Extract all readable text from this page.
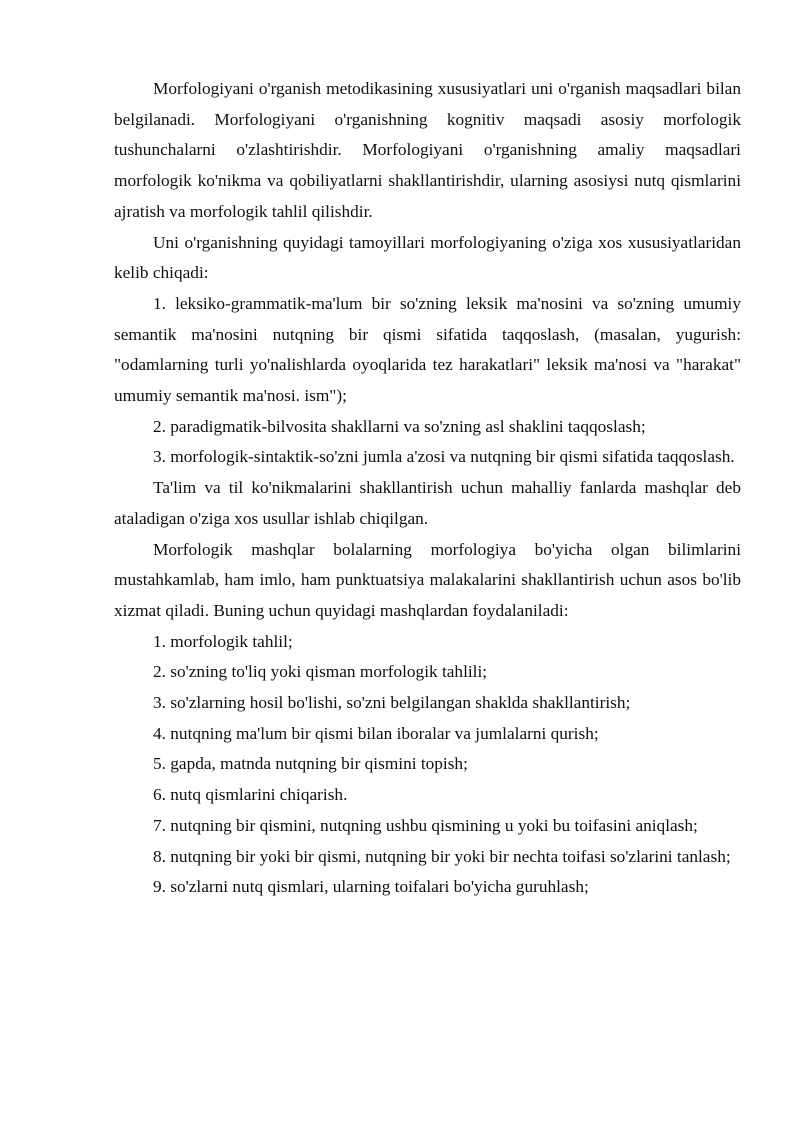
Morfologiyani o'rganish metodikasining xususiyatlari uni o'rganish maqsadlari bilan belgilanadi. Morfologiyani o'rganishning kognitiv maqsadi asosiy morfologik tushunchalarni o'zlashtirishdir. Morfologiyani o'rganishning amaliy maqsadlari morfologik ko'nikma va qobiliyatlarni shakllantirishdir, ularning asosiysi nutq qismlarini ajratish va morfologik tahlil qilishdir.

Uni o'rganishning quyidagi tamoyillari morfologiyaning o'ziga xos xususiyatlaridan kelib chiqadi:

1. leksiko-grammatik-ma'lum bir so'zning leksik ma'nosini va so'zning umumiy semantik ma'nosini nutqning bir qismi sifatida taqqoslash, (masalan, yugurish: "odamlarning turli yo'nalishlarda oyoqlarida tez harakatlari" leksik ma'nosi va "harakat" umumiy semantik ma'nosi. ism");

2. paradigmatik-bilvosita shakllarni va so'zning asl shaklini taqqoslash;

3. morfologik-sintaktik-so'zni jumla a'zosi va nutqning bir qismi sifatida taqqoslash.

Ta'lim va til ko'nikmalarini shakllantirish uchun mahalliy fanlarda mashqlar deb ataladigan o'ziga xos usullar ishlab chiqilgan.

Morfologik mashqlar bolalarning morfologiya bo'yicha olgan bilimlarini mustahkamlab, ham imlo, ham punktuatsiya malakalarini shakllantirish uchun asos bo'lib xizmat qiladi. Buning uchun quyidagi mashqlardan foydalaniladi:

1. morfologik tahlil;

2. so'zning to'liq yoki qisman morfologik tahlili;

3. so'zlarning hosil bo'lishi, so'zni belgilangan shaklda shakllantirish;

4. nutqning ma'lum bir qismi bilan iboralar va jumlalarni qurish;

5. gapda, matnda nutqning bir qismini topish;

6. nutq qismlarini chiqarish.

7. nutqning bir qismini, nutqning ushbu qismining u yoki bu toifasini aniqlash;

8. nutqning bir yoki bir qismi, nutqning bir yoki bir nechta toifasi so'zlarini tanlash;

9. so'zlarni nutq qismlari, ularning toifalari bo'yicha guruhlash;
